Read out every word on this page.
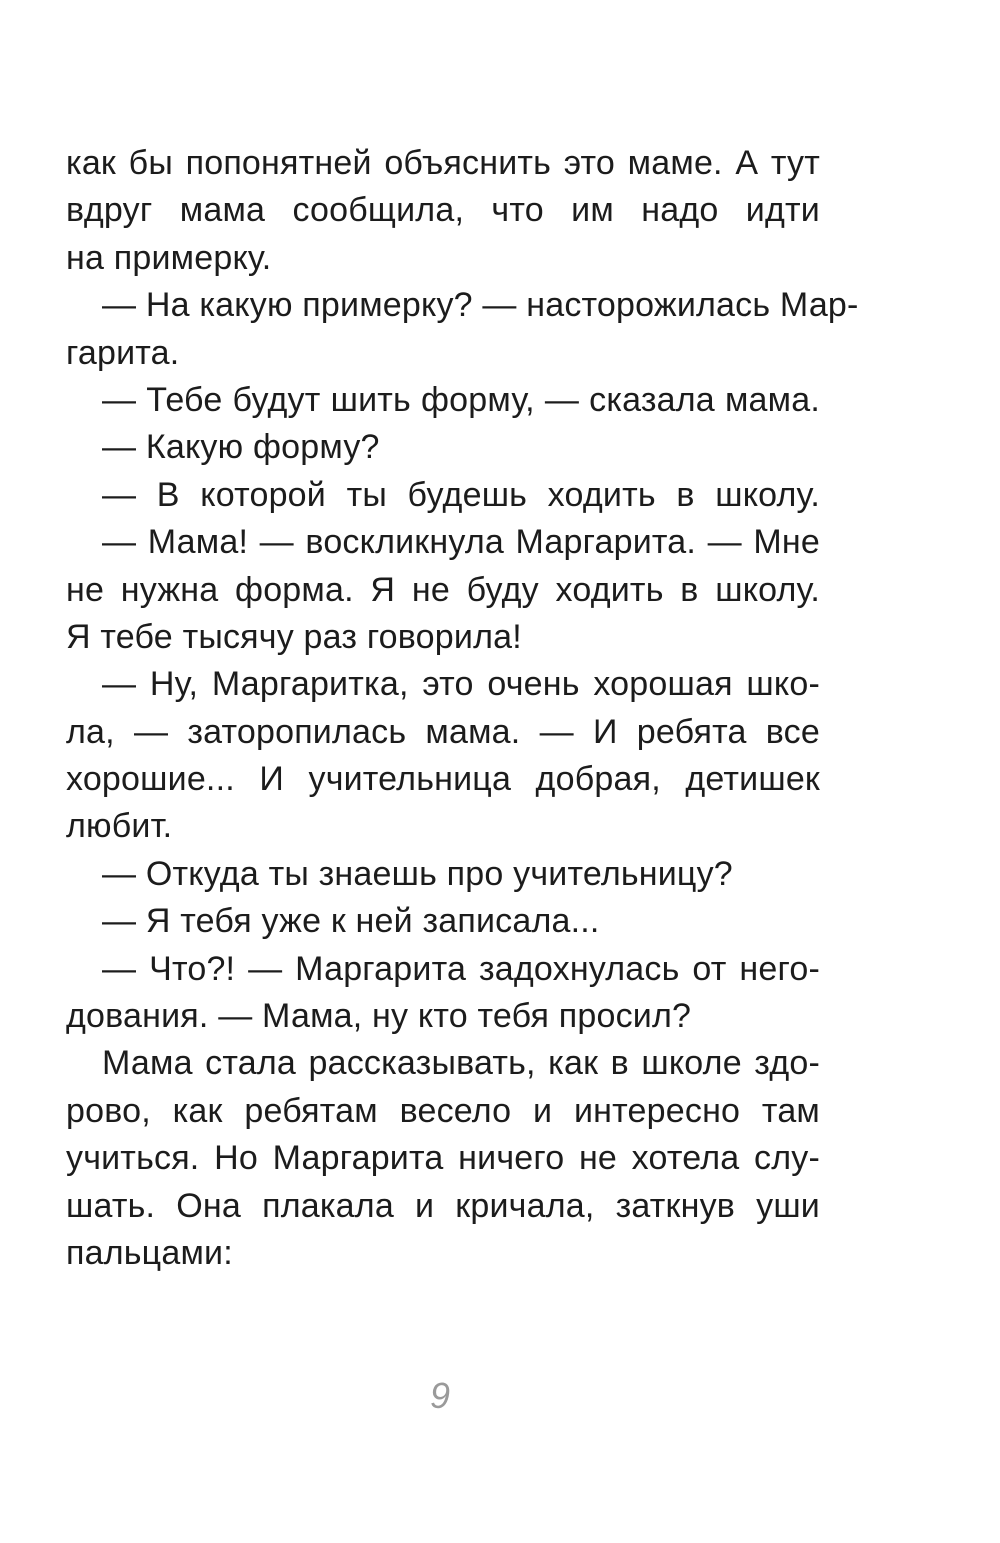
как бы попонятней объяснить это маме. А тут
вдруг мама сообщила, что им надо идти
на примерку.
— На какую примерку? — насторожилась Мар-
гарита.
— Тебе будут шить форму, — сказала мама.
— Какую форму?
— В которой ты будешь ходить в школу.
— Мама! — воскликнула Маргарита. — Мне
не нужна форма. Я не буду ходить в школу.
Я тебе тысячу раз говорила!
— Ну, Маргаритка, это очень хорошая шко-
ла, — заторопилась мама. — И ребята все
хорошие... И учительница добрая, детишек
любит.
— Откуда ты знаешь про учительницу?
— Я тебя уже к ней записала...
— Что?! — Маргарита задохнулась от него-
дования. — Мама, ну кто тебя просил?
Мама стала рассказывать, как в школе здо-
рово, как ребятам весело и интересно там
учиться. Но Маргарита ничего не хотела слу-
шать. Она плакала и кричала, заткнув уши
пальцами:
9
